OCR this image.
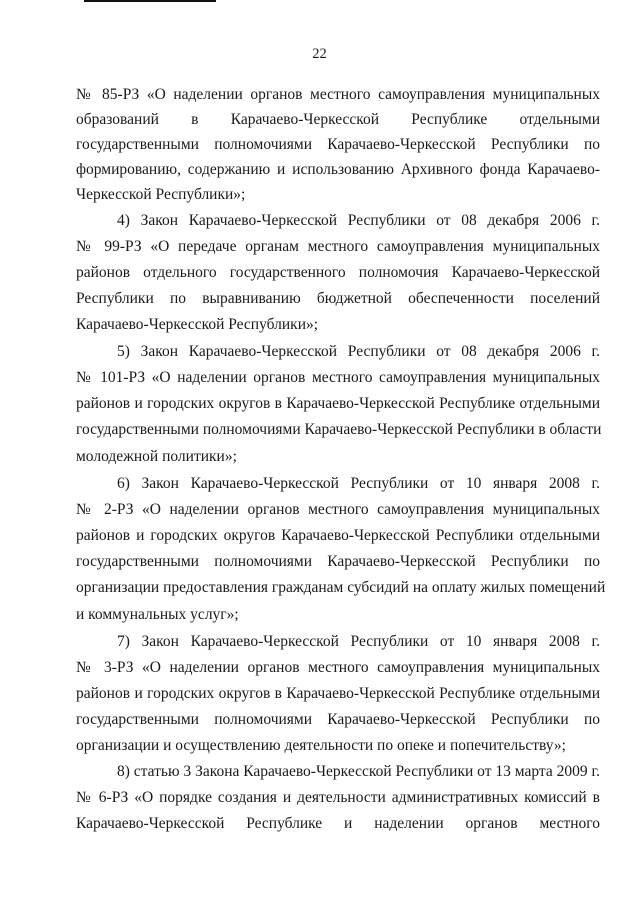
22
№ 85-РЗ «О наделении органов местного самоуправления муниципальных
образований в Карачаево-Черкесской Республике отдельными
государственными полномочиями Карачаево-Черкесской Республики по
формированию, содержанию и использованию Архивного фонда Карачаево-
Черкесской Республики»;
4) Закон Карачаево-Черкесской Республики от 08 декабря 2006 г.
№ 99-РЗ «О передаче органам местного самоуправления муниципальных
районов отдельного государственного полномочия Карачаево-Черкесской
Республики по выравниванию бюджетной обеспеченности поселений
Карачаево-Черкесской Республики»;
5) Закон Карачаево-Черкесской Республики от 08 декабря 2006 г.
№ 101-РЗ «О наделении органов местного самоуправления муниципальных
районов и городских округов в Карачаево-Черкесской Республике отдельными
государственными полномочиями Карачаево-Черкесской Республики в области
молодежной политики»;
6) Закон Карачаево-Черкесской Республики от 10 января 2008 г.
№ 2-РЗ «О наделении органов местного самоуправления муниципальных
районов и городских округов Карачаево-Черкесской Республики отдельными
государственными полномочиями Карачаево-Черкесской Республики по
организации предоставления гражданам субсидий на оплату жилых помещений
и коммунальных услуг»;
7) Закон Карачаево-Черкесской Республики от 10 января 2008 г.
№ 3-РЗ «О наделении органов местного самоуправления муниципальных
районов и городских округов в Карачаево-Черкесской Республике отдельными
государственными полномочиями Карачаево-Черкесской Республики по
организации и осуществлению деятельности по опеке и попечительству»;
8) статью 3 Закона Карачаево-Черкесской Республики от 13 марта 2009 г.
№ 6-РЗ «О порядке создания и деятельности административных комиссий в
Карачаево-Черкесской Республике и наделении органов местного
